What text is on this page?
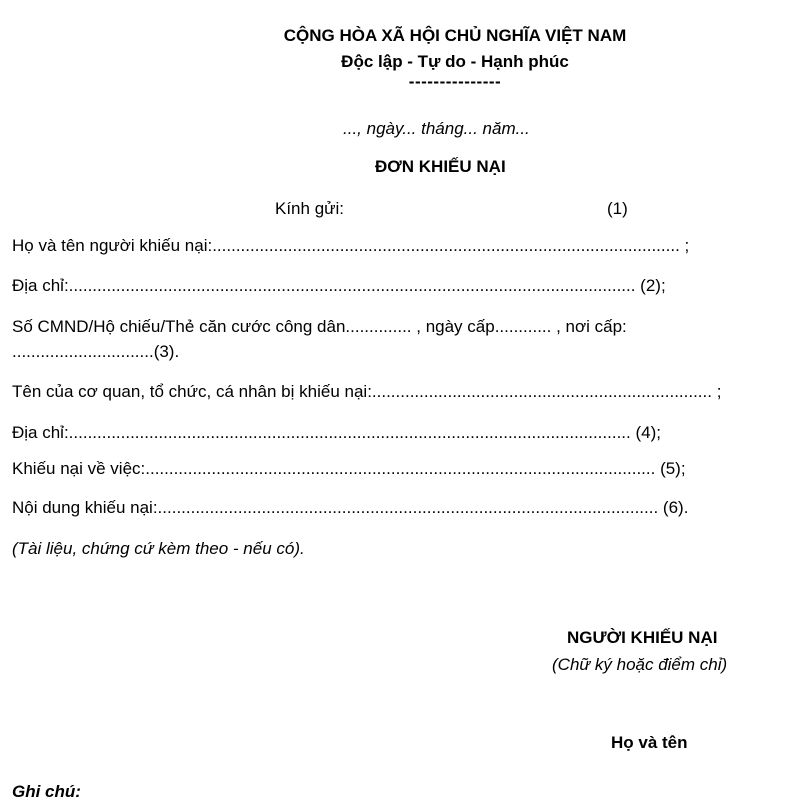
CỘNG HÒA XÃ HỘI CHỦ NGHĨA VIỆT NAM
Độc lập - Tự do - Hạnh phúc
---------------
..., ngày... tháng... năm...
ĐƠN KHIẾU NẠI
Kính gửi:	(1)
Họ và tên người khiếu nại:................................................................................................... ;
Địa chỉ:........................................................................................................................ (2);
Số CMND/Hộ chiếu/Thẻ căn cước công dân.............. , ngày cấp............ , nơi cấp:
..............................(3).
Tên của cơ quan, tổ chức, cá nhân bị khiếu nại:........................................................................ ;
Địa chỉ:....................................................................................................................... (4);
Khiếu nại về việc:............................................................................................................ (5);
Nội dung khiếu nại:.......................................................................................................... (6).
(Tài liệu, chứng cứ kèm theo - nếu có).
NGƯỜI KHIẾU NẠI
(Chữ ký hoặc điểm chỉ)
Họ và tên
Ghi chú:
